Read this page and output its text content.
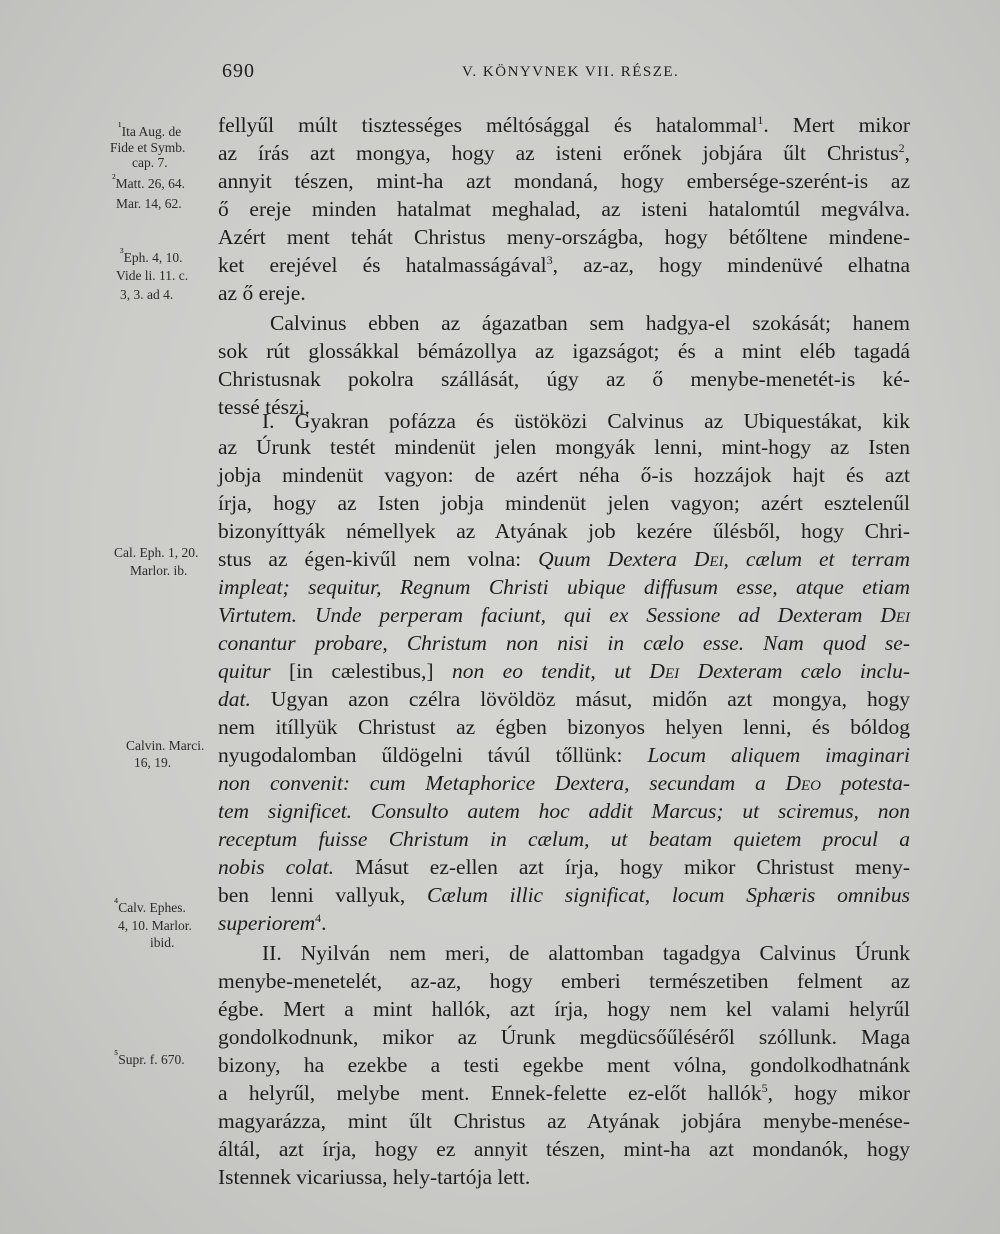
690	V. KÖNYVNEK VII. RÉSZE.
$^{^1}$Ita Aug. de
Fide et Symb.
cap. 7.
$^{^2}$Matt. 26, 64.
Mar. 14, 62.
$^{^3}$Eph. 4, 10.
Vide li. 11. c.
3, 3. ad 4.
Cal. Eph. 1, 20.
Marlor. ib.
Calvin. Marci.
16, 19.
$^{^4}$Calv. Ephes.
4, 10. Marlor.
ibid.
$^{^5}$Supr. f. 670.
fellyűl múlt tisztességes méltósággal és hatalommal$^1$. Mert mikor
az írás azt mongya, hogy az isteni erőnek jobjára űlt Christus$^2$,
annyit tészen, mint-ha azt mondaná, hogy embersége-szerént-is az
ő ereje minden hatalmat meghalad, az isteni hatalomtúl megválva.
Azért ment tehát Christus meny-országba, hogy bétőltene mindene-
ket erejével és hatalmasságával$^3$, az-az, hogy mindenüvé elhatna
az ő ereje.
Calvinus ebben az ágazatban sem hadgya-el szokását; hanem
sok rút glossákkal bémázollya az igazságot; és a mint eléb tagadá
Christusnak pokolra szállását, úgy az ő menybe-menetét-is ké-
tessé tészi.
I. Gyakran pofázza és üstöközi Calvinus az Ubiquestákat, kik
az Úrunk testét mindenüt jelen mongyák lenni, mint-hogy az Isten
jobja mindenüt vagyon: de azért néha ő-is hozzájok hajt és azt
írja, hogy az Isten jobja mindenüt jelen vagyon; azért esztelenűl
bizonyíttyák némellyek az Atyának job kezére űlésből, hogy Chri-
stus az égen-kivűl nem volna: Quum Dextera Dei, cælum et terram
impleat; sequitur, Regnum Christi ubique diffusum esse, atque etiam
Virtutem. Unde perperam faciunt, qui ex Sessione ad Dexteram Dei
conantur probare, Christum non nisi in cælo esse. Nam quod se-
quitur [in cælestibus,] non eo tendit, ut Dei Dexteram cælo inclu-
dat. Ugyan azon czélra lövöldöz másut, midőn azt mongya, hogy
nem itíllyük Christust az égben bizonyos helyen lenni, és bóldog
nyugodalomban űldögelni távúl tőllünk: Locum aliquem imaginari
non convenit: cum Metaphorice Dextera, secundam a Deo potesta-
tem significet. Consulto autem hoc addit Marcus; ut sciremus, non
receptum fuisse Christum in cælum, ut beatam quietem procul a
nobis colat. Másut ez-ellen azt írja, hogy mikor Christust meny-
ben lenni vallyuk, Cælum illic significat, locum Sphæris omnibus
superiorem$^4$.
II. Nyilván nem meri, de alattomban tagadgya Calvinus Úrunk
menybe-menetelét, az-az, hogy emberi természetiben felment az
égbe. Mert a mint hallók, azt írja, hogy nem kel valami helyrűl
gondolkodnunk, mikor az Úrunk megdücsőűléséről szóllunk. Maga
bizony, ha ezekbe a testi egekbe ment vólna, gondolkodhatnánk
a helyrűl, melybe ment. Ennek-felette ez-előt hallók$^5$, hogy mikor
magyarázza, mint űlt Christus az Atyának jobjára menybe-menése-
áltál, azt írja, hogy ez annyit tészen, mint-ha azt mondanók, hogy
Istennek vicariussa, hely-tartója lett.
